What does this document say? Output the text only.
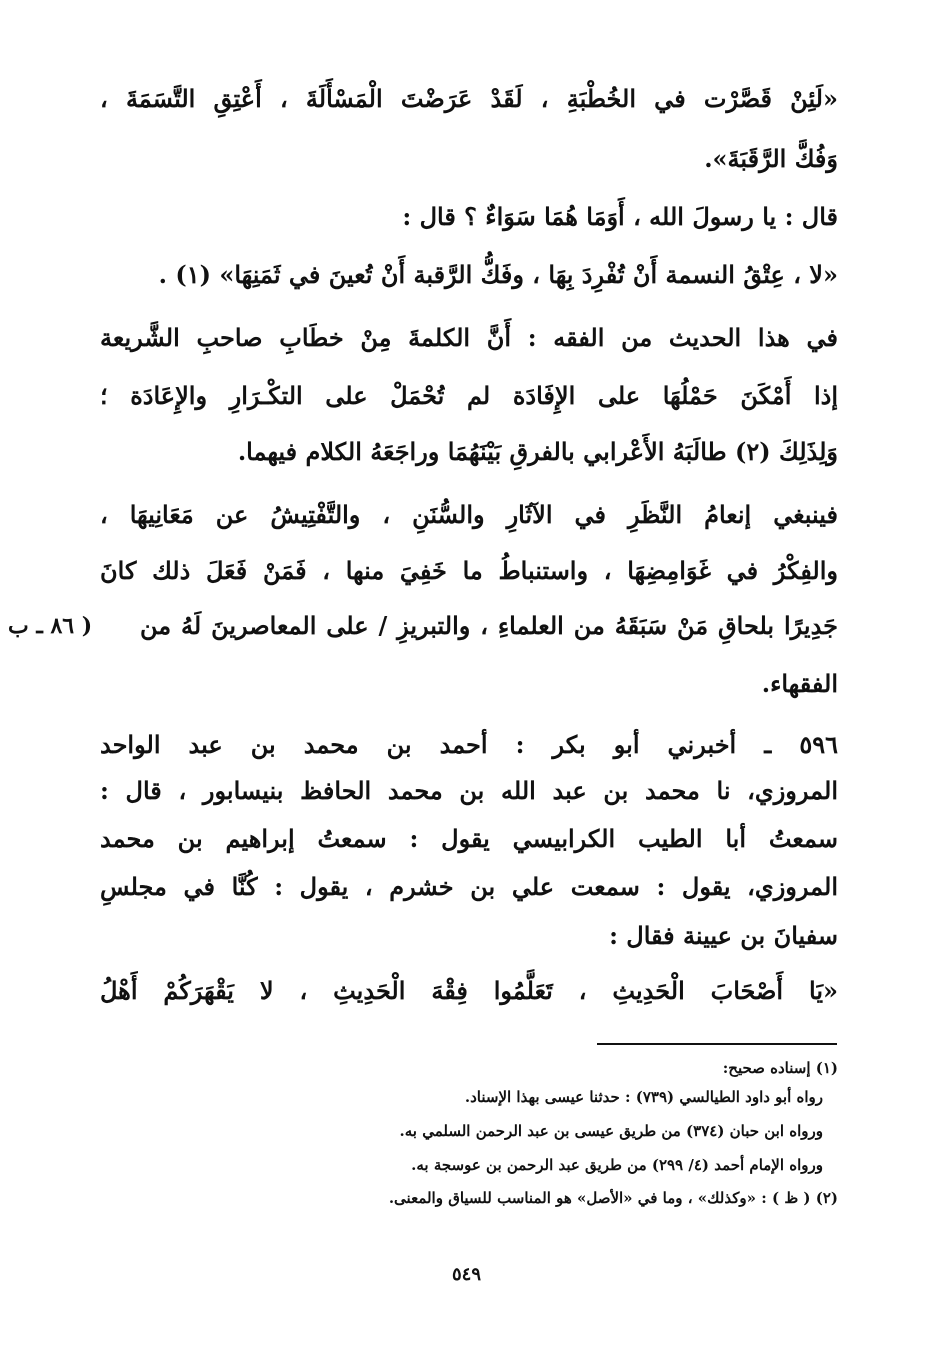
«لَئِنْ قَصَّرْت في الخُطْبَةِ ، لَقَدْ عَرَضْتَ الْمَسْأَلَةَ ، أَعْتِقِ التَّسَمَةَ ،
وَفُكَّ الرَّقَبَةَ».
قال : يا رسولَ الله ، أَوَمَا هُمَا سَوَاءٌ ؟ قال :
«لا ، عِتْقُ النسمة أَنْ تُفْرِدَ بِهَا ، وفَكُّ الرَّقبة أَنْ تُعينَ في ثَمَنِهَا» (١) .
في هذا الحديث من الفقه : أَنَّ الكلمةَ مِنْ خطَابِ صاحبِ الشَّريعة
إذا أَمْكَنَ حَمْلُهَا على الإِفَادَة لم تُحْمَلْ على التكْـرَارِ والإِعَادَة ؛
وَلِذَلِكَ (٢) طالَبَهُ الأَعْرابي بالفرقِ بَيْنَهُمَا وراجَعَهُ الكلام فيهما.
فينبغي إنعامُ النَّظَرِ في الآثَارِ والسُّنَنِ ، والتَّفْتِيشُ عن مَعَانِيهَا ،
والفِكْرُ في غَوَامِضِهَا ، واستنباطُ ما خَفِيَ منها ، فَمَنْ فَعَلَ ذلك كانَ
جَدِيرًا بلحاقِ مَنْ سَبَقَهُ من العلماءِ ، والتبريزِ / على المعاصرينَ لَهُ من
( ٨٦ ـ ب
الفقهاء.
٥٩٦ ـ أخبرني أبو بكر : أحمد بن محمد بن عبد الواحد
المروزي، نا محمد بن عبد الله بن محمد الحافظ بنيسابور ، قال :
سمعتُ أبا الطيب الكرابيسي يقول : سمعتُ إبراهيم بن محمد
المروزي، يقول : سمعت علي بن خشرم ، يقول : كُنَّا في مجلسِ
سفيانَ بن عيينة فقال :
«يَا أَصْحَابَ الْحَدِيثِ ، تَعَلَّمُوا فِقْهَ الْحَدِيثِ ، لا يَقْهَرَكُمْ أَهْلُ
(١) إسناده صحيح:
رواه أبو داود الطيالسي (٧٣٩) : حدثنا عيسى بهذا الإسناد.
ورواه ابن حبان (٣٧٤) من طريق عيسى بن عبد الرحمن السلمي به.
ورواه الإمام أحمد (٤/ ٢٩٩) من طريق عبد الرحمن بن عوسجة به.
(٢) ( ظ ) : «وكذلك» ، وما في «الأصل» هو المناسب للسياق والمعنى.
٥٤٩
